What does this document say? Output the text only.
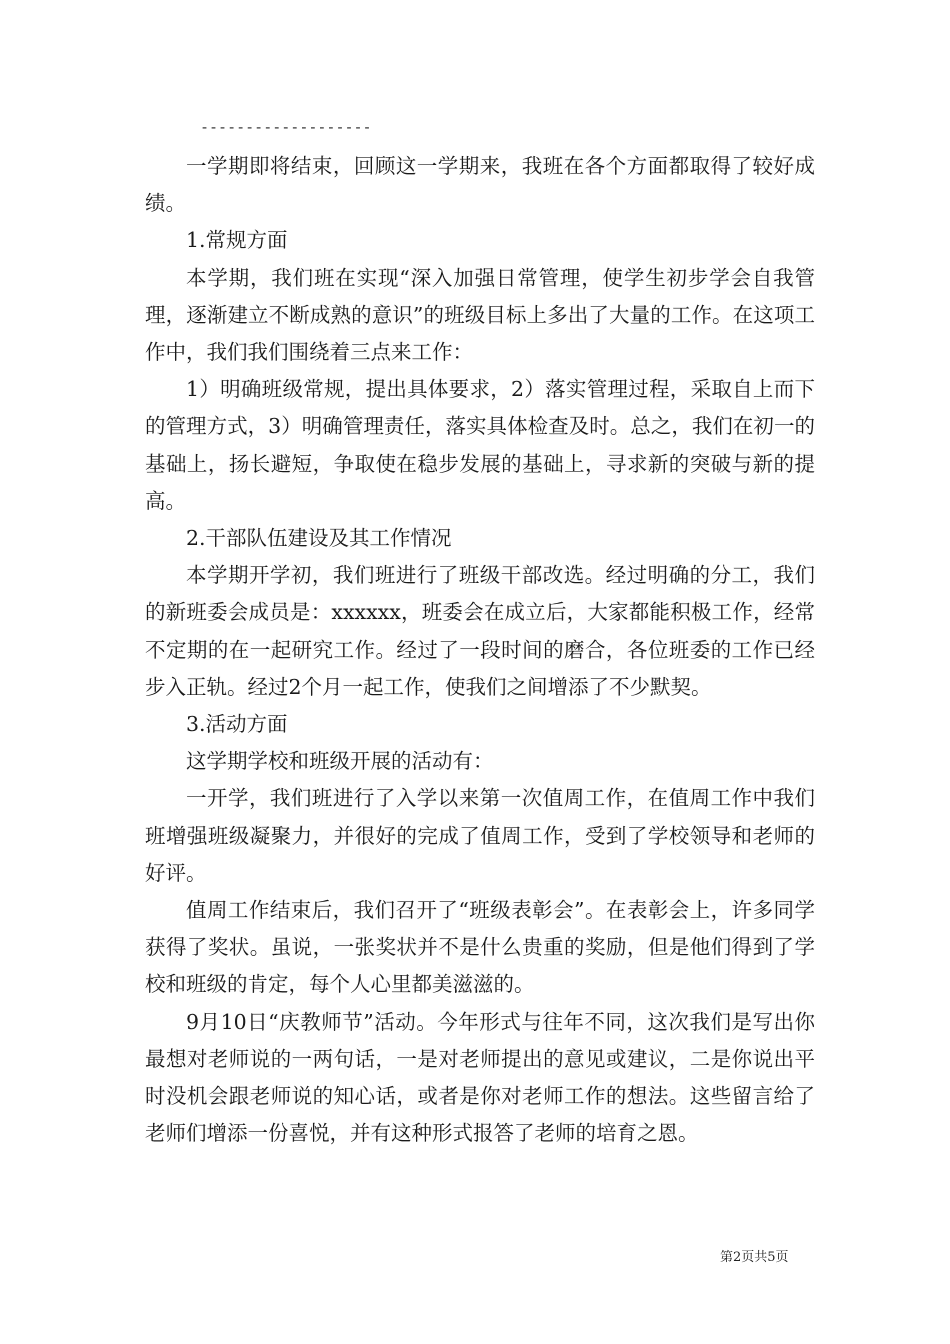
-------------------

一学期即将结束，回顾这一学期来，我班在各个方面都取得了较好成绩。

1.常规方面

本学期，我们班在实现“深入加强日常管理，使学生初步学会自我管理，逐渐建立不断成熟的意识”的班级目标上多出了大量的工作。在这项工作中，我们我们围绕着三点来工作：

1）明确班级常规，提出具体要求，2）落实管理过程，采取自上而下的管理方式，3）明确管理责任，落实具体检查及时。总之，我们在初一的基础上，扬长避短，争取使在稳步发展的基础上，寻求新的突破与新的提高。

2.干部队伍建设及其工作情况

本学期开学初，我们班进行了班级干部改选。经过明确的分工，我们的新班委会成员是：xxxxxx，班委会在成立后，大家都能积极工作，经常不定期的在一起研究工作。经过了一段时间的磨合，各位班委的工作已经步入正轨。经过2个月一起工作，使我们之间增添了不少默契。

3.活动方面

这学期学校和班级开展的活动有：

一开学，我们班进行了入学以来第一次值周工作，在值周工作中我们班增强班级凝聚力，并很好的完成了值周工作，受到了学校领导和老师的好评。

值周工作结束后，我们召开了“班级表彰会”。在表彰会上，许多同学获得了奖状。虽说，一张奖状并不是什么贵重的奖励，但是他们得到了学校和班级的肯定，每个人心里都美滋滋的。

9月10日“庆教师节”活动。今年形式与往年不同，这次我们是写出你最想对老师说的一两句话，一是对老师提出的意见或建议，二是你说出平时没机会跟老师说的知心话，或者是你对老师工作的想法。这些留言给了老师们增添一份喜悦，并有这种形式报答了老师的培育之恩。

第2页共5页
